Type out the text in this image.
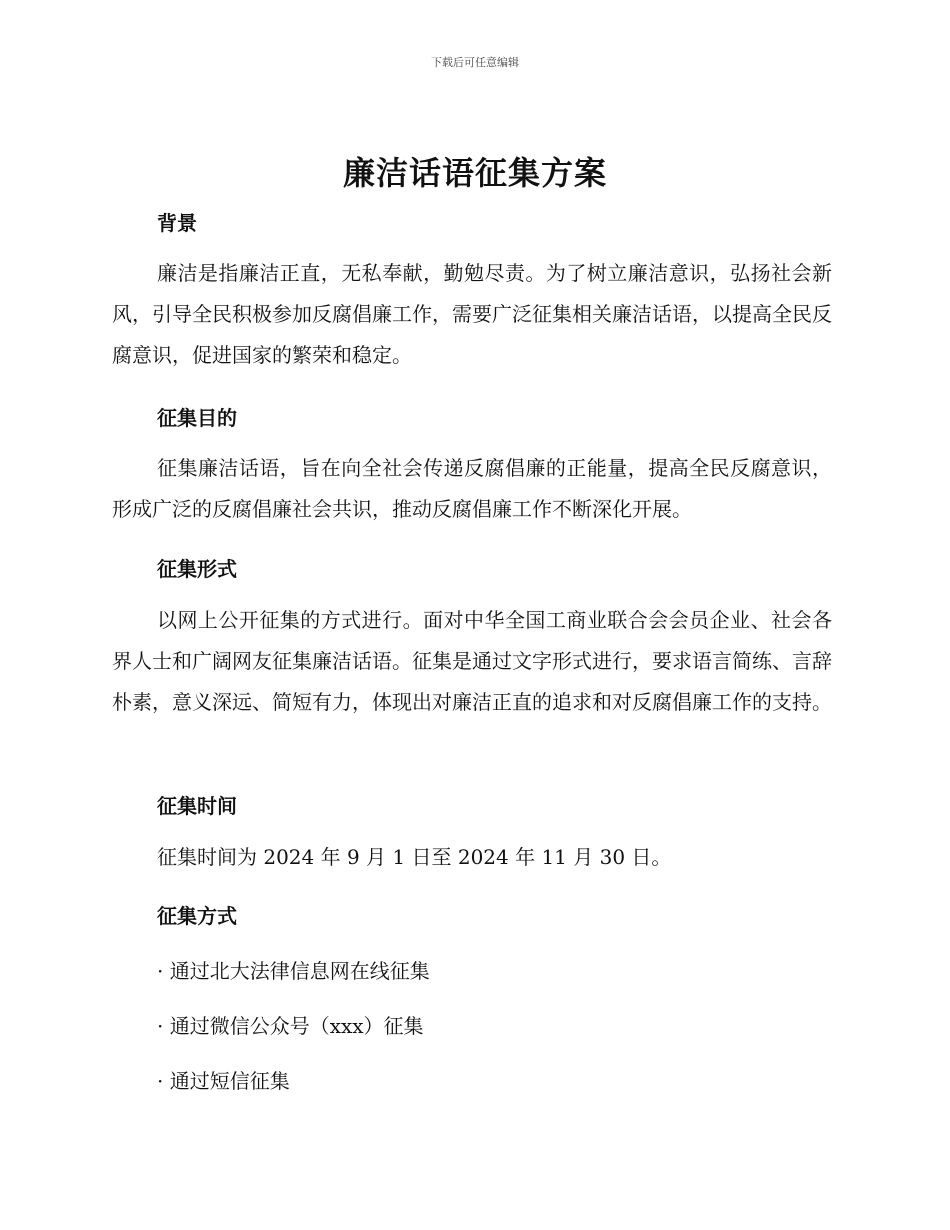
下载后可任意编辑
廉洁话语征集方案
背景

廉洁是指廉洁正直，无私奉献，勤勉尽责。为了树立廉洁意识，弘扬社会新风，引导全民积极参加反腐倡廉工作，需要广泛征集相关廉洁话语，以提高全民反腐意识，促进国家的繁荣和稳定。

征集目的

征集廉洁话语，旨在向全社会传递反腐倡廉的正能量，提高全民反腐意识，形成广泛的反腐倡廉社会共识，推动反腐倡廉工作不断深化开展。

征集形式

以网上公开征集的方式进行。面对中华全国工商业联合会会员企业、社会各界人士和广阔网友征集廉洁话语。征集是通过文字形式进行，要求语言简练、言辞朴素，意义深远、简短有力，体现出对廉洁正直的追求和对反腐倡廉工作的支持。

征集时间

征集时间为 2024 年 9 月 1 日至 2024 年 11 月 30 日。

征集方式

· 通过北大法律信息网在线征集

· 通过微信公众号（xxx）征集

· 通过短信征集
